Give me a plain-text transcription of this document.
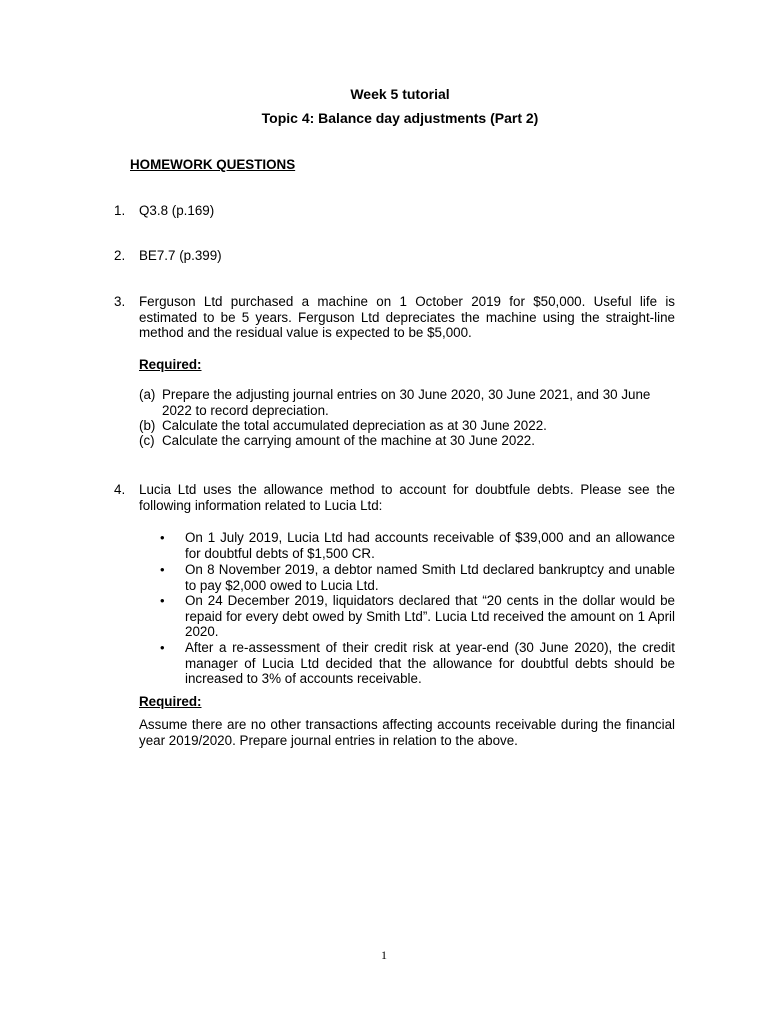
Week 5 tutorial
Topic 4: Balance day adjustments (Part 2)
HOMEWORK QUESTIONS
1. Q3.8 (p.169)
2. BE7.7 (p.399)
3. Ferguson Ltd purchased a machine on 1 October 2019 for $50,000. Useful life is estimated to be 5 years. Ferguson Ltd depreciates the machine using the straight-line method and the residual value is expected to be $5,000.
Required:
(a) Prepare the adjusting journal entries on 30 June 2020, 30 June 2021, and 30 June 2022 to record depreciation.
(b) Calculate the total accumulated depreciation as at 30 June 2022.
(c) Calculate the carrying amount of the machine at 30 June 2022.
4. Lucia Ltd uses the allowance method to account for doubtfule debts. Please see the following information related to Lucia Ltd:
• On 1 July 2019, Lucia Ltd had accounts receivable of $39,000 and an allowance for doubtful debts of $1,500 CR.
• On 8 November 2019, a debtor named Smith Ltd declared bankruptcy and unable to pay $2,000 owed to Lucia Ltd.
• On 24 December 2019, liquidators declared that “20 cents in the dollar would be repaid for every debt owed by Smith Ltd”. Lucia Ltd received the amount on 1 April 2020.
• After a re-assessment of their credit risk at year-end (30 June 2020), the credit manager of Lucia Ltd decided that the allowance for doubtful debts should be increased to 3% of accounts receivable.
Required:
Assume there are no other transactions affecting accounts receivable during the financial year 2019/2020. Prepare journal entries in relation to the above.
1
